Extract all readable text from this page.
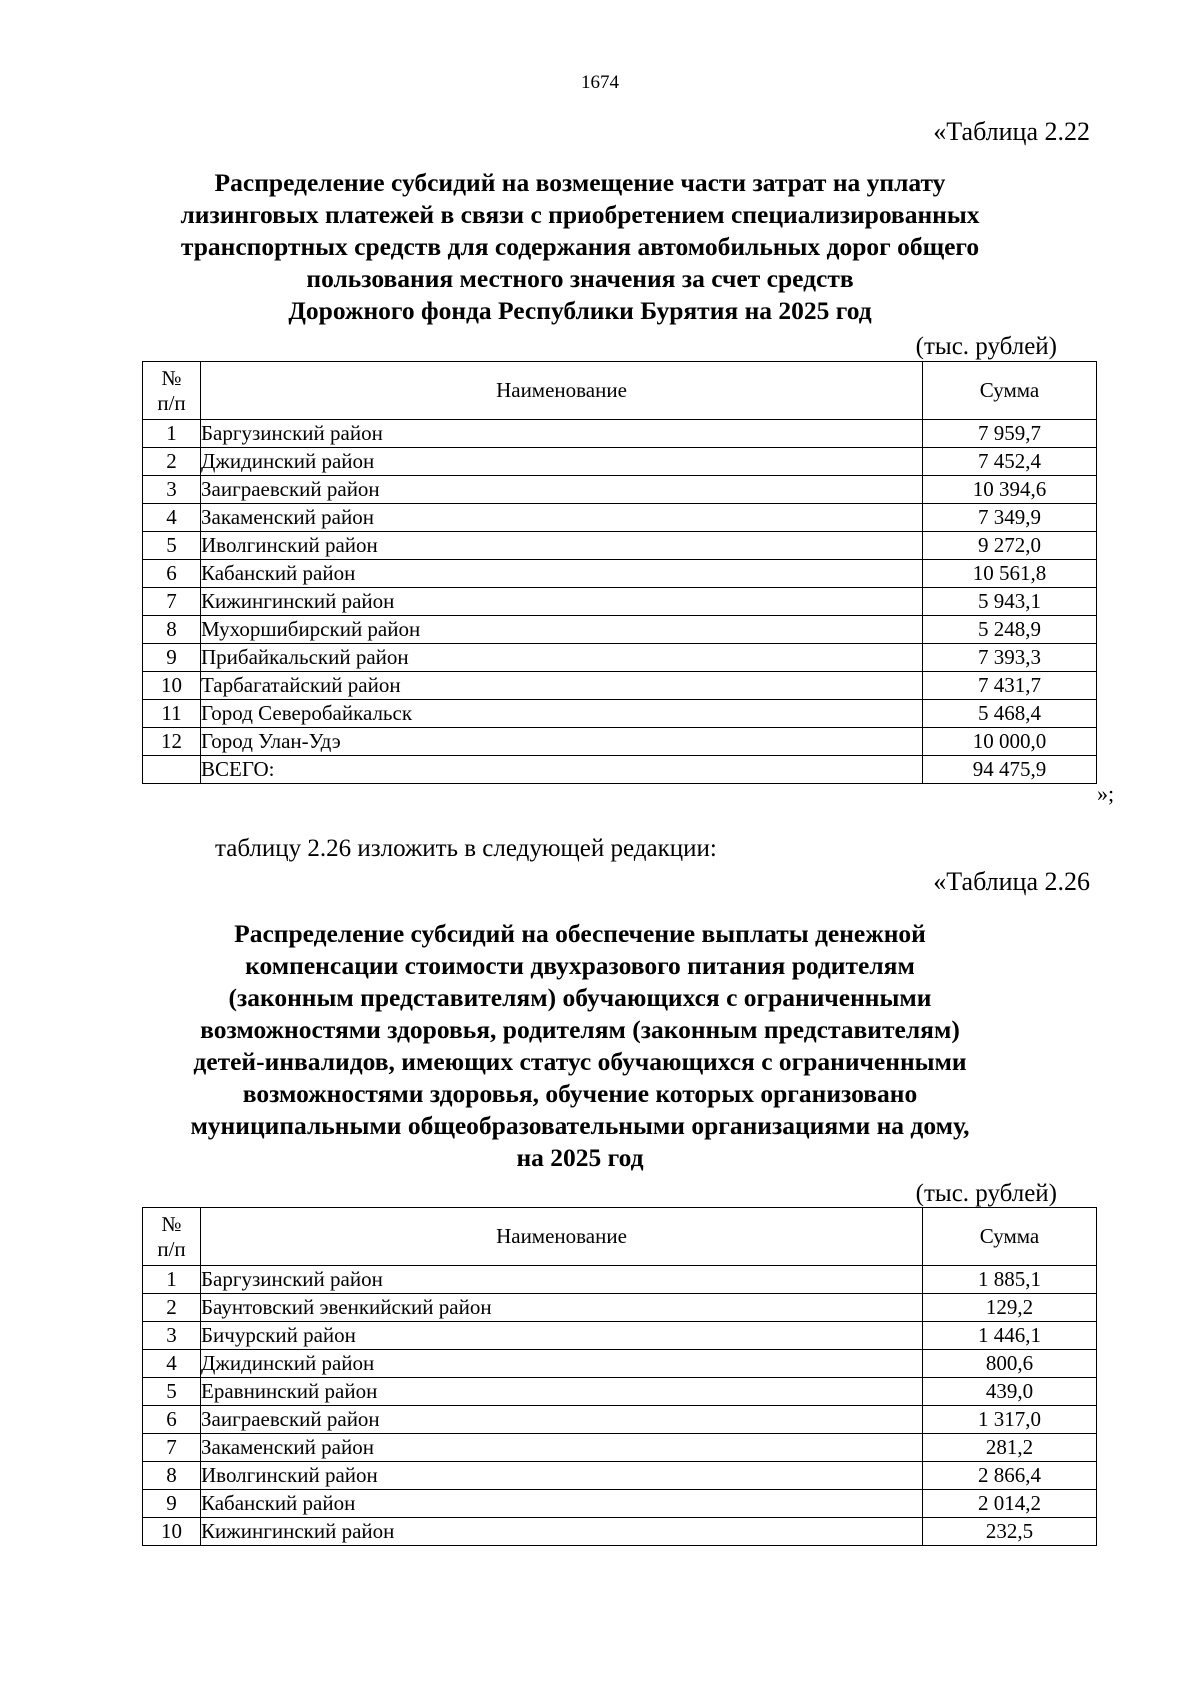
1674
«Таблица 2.22
Распределение субсидий на возмещение части затрат на уплату
лизинговых платежей в связи с приобретением специализированных
транспортных средств для содержания автомобильных дорог общего
пользования местного значения за счет средств
Дорожного фонда Республики Бурятия на 2025 год
(тыс. рублей)
№
п/п	Наименование	Сумма
1	Баргузинский район	7 959,7
2	Джидинский район	7 452,4
3	Заиграевский район	10 394,6
4	Закаменский район	7 349,9
5	Иволгинский район	9 272,0
6	Кабанский район	10 561,8
7	Кижингинский район	5 943,1
8	Мухоршибирский район	5 248,9
9	Прибайкальский район	7 393,3
10	Тарбагатайский район	7 431,7
11	Город Северобайкальск	5 468,4
12	Город Улан-Удэ	10 000,0
	ВСЕГО:	94 475,9
»;
таблицу 2.26 изложить в следующей редакции:
«Таблица 2.26
Распределение субсидий на обеспечение выплаты денежной
компенсации стоимости двухразового питания родителям
(законным представителям) обучающихся с ограниченными
возможностями здоровья, родителям (законным представителям)
детей-инвалидов, имеющих статус обучающихся с ограниченными
возможностями здоровья, обучение которых организовано
муниципальными общеобразовательными организациями на дому,
на 2025 год
(тыс. рублей)
№
п/п	Наименование	Сумма
1	Баргузинский район	1 885,1
2	Баунтовский эвенкийский район	129,2
3	Бичурский район	1 446,1
4	Джидинский район	800,6
5	Еравнинский район	439,0
6	Заиграевский район	1 317,0
7	Закаменский район	281,2
8	Иволгинский район	2 866,4
9	Кабанский район	2 014,2
10	Кижингинский район	232,5
